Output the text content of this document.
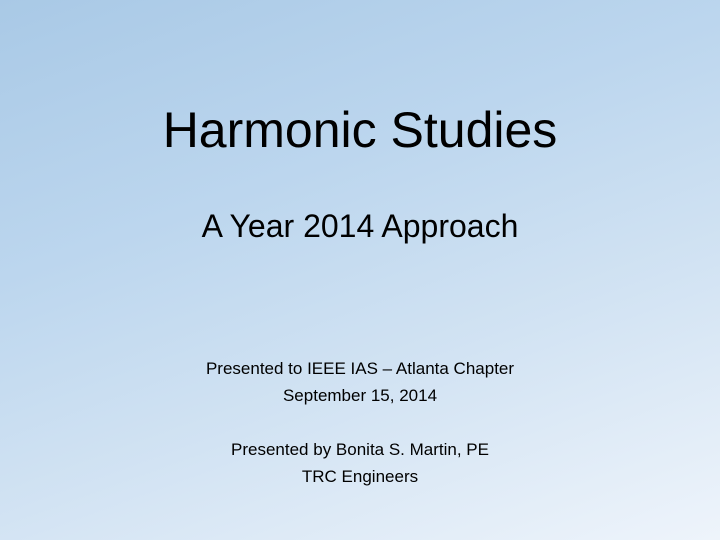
Harmonic Studies
A Year 2014 Approach
Presented to IEEE IAS – Atlanta Chapter
September 15, 2014
Presented by Bonita S. Martin, PE
TRC Engineers
